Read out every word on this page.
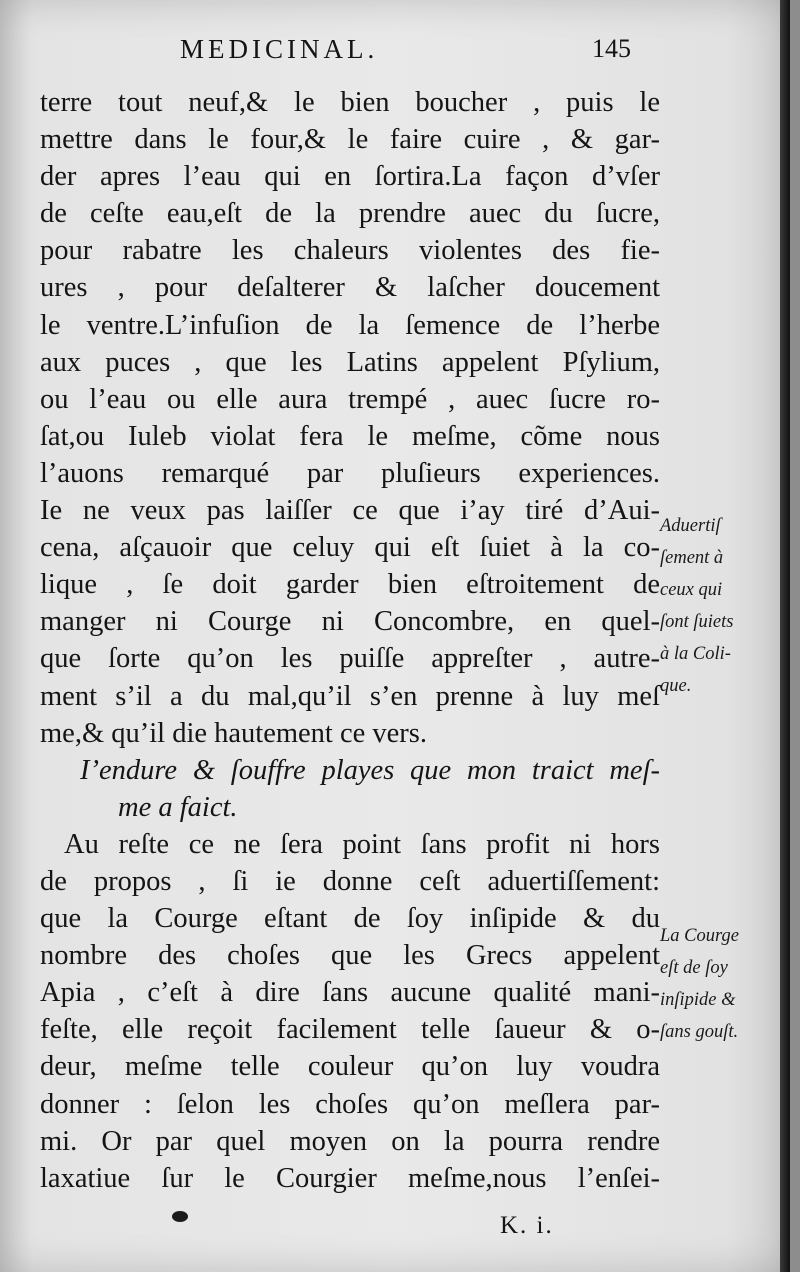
MEDICINAL.	145
terre tout neuf,& le bien boucher , puis le
mettre dans le four,& le faire cuire , & gar-
der apres l’eau qui en ſortira.La façon d’vſer
de ceſte eau,eſt de la prendre auec du ſucre,
pour rabatre les chaleurs violentes des fie-
ures , pour deſalterer & laſcher doucement
le ventre.L’infuſion de la ſemence de l’herbe
aux puces , que les Latins appelent Pſylium,
ou l’eau ou elle aura trempé , auec ſucre ro-
ſat,ou Iuleb violat fera le meſme, cõme nous
l’auons remarqué par pluſieurs experiences.
Ie ne veux pas laiſſer ce que i’ay tiré d’Aui-
cena, aſçauoir que celuy qui eſt ſuiet à la co-
lique , ſe doit garder bien eſtroitement de
manger ni Courge ni Concombre, en quel-
que ſorte qu’on les puiſſe appreſter , autre-
ment s’il a du mal,qu’il s’en prenne à luy meſ
me,& qu’il die hautement ce vers.
I’endure & ſouffre playes que mon traict meſ-
me a faict.
Au reſte ce ne ſera point ſans profit ni hors
de propos , ſi ie donne ceſt aduertiſſement:
que la Courge eſtant de ſoy inſipide & du
nombre des choſes que les Grecs appelent
Apia , c’eſt à dire ſans aucune qualité mani-
feſte, elle reçoit facilement telle ſaueur & o-
deur, meſme telle couleur qu’on luy voudra
donner : ſelon les choſes qu’on meſlera par-
mi. Or par quel moyen on la pourra rendre
laxatiue ſur le Courgier meſme,nous l’enſei-
Aduertiſ
ſement à
ceux qui
ſont ſuiets
à la Coli-
que.
La Courge
eſt de ſoy
inſipide &
ſans gouſt.
K. i.
